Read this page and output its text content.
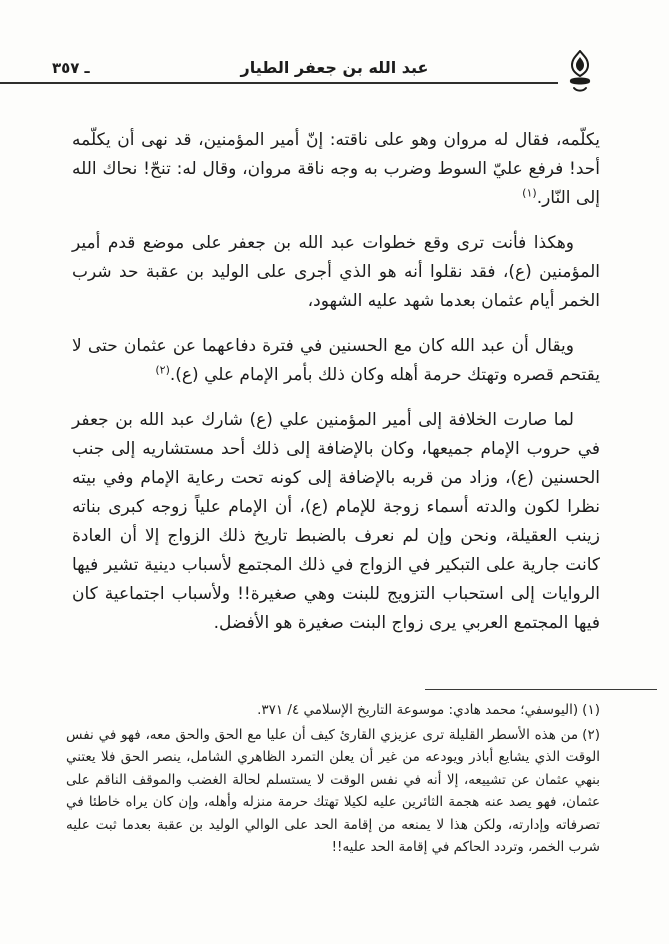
٣٥٧ ـ	عبد الله بن جعفر الطيار

يكلّمه، فقال له مروان وهو على ناقته: إنّ أمير المؤمنين، قد نهى أن يكلّمه أحد! فرفع عليّ السوط وضرب به وجه ناقة مروان، وقال له: تنحّ! نحاك الله إلى النّار.$^{(١)}$

وهكذا فأنت ترى وقع خطوات عبد الله بن جعفر على موضع قدم أمير المؤمنين (ع)، فقد نقلوا أنه هو الذي أجرى على الوليد بن عقبة حد شرب الخمر أيام عثمان بعدما شهد عليه الشهود،

ويقال أن عبد الله كان مع الحسنين في فترة دفاعهما عن عثمان حتى لا يقتحم قصره وتهتك حرمة أهله وكان ذلك بأمر الإمام علي (ع).$^{(٢)}$

لما صارت الخلافة إلى أمير المؤمنين علي (ع) شارك عبد الله بن جعفر في حروب الإمام جميعها، وكان بالإضافة إلى ذلك أحد مستشاريه إلى جنب الحسنين (ع)، وزاد من قربه بالإضافة إلى كونه تحت رعاية الإمام وفي بيته نظرا لكون والدته أسماء زوجة للإمام (ع)، أن الإمام علياً زوجه كبرى بناته زينب العقيلة، ونحن وإن لم نعرف بالضبط تاريخ ذلك الزواج إلا أن العادة كانت جارية على التبكير في الزواج في ذلك المجتمع لأسباب دينية تشير فيها الروايات إلى استحباب التزويج للبنت وهي صغيرة!! ولأسباب اجتماعية كان فيها المجتمع العربي يرى زواج البنت صغيرة هو الأفضل.

(١)(اليوسفي؛ محمد هادي: موسوعة التاريخ الإسلامي ٤/ ٣٧١.

(٢)من هذه الأسطر القليلة ترى عزيزي القارئ كيف أن عليا مع الحق والحق معه، فهو في نفس الوقت الذي يشايع أباذر ويودعه من غير أن يعلن التمرد الظاهري الشامل، ينصر الحق فلا يعتني بنهي عثمان عن تشييعه، إلا أنه في نفس الوقت لا يستسلم لحالة الغضب والموقف الناقم على عثمان، فهو يصد عنه هجمة الثائرين عليه لكيلا تهتك حرمة منزله وأهله، وإن كان يراه خاطئا في تصرفاته وإدارته، ولكن هذا لا يمنعه من إقامة الحد على الوالي الوليد بن عقبة بعدما ثبت عليه شرب الخمر، وتردد الحاكم في إقامة الحد عليه!!
